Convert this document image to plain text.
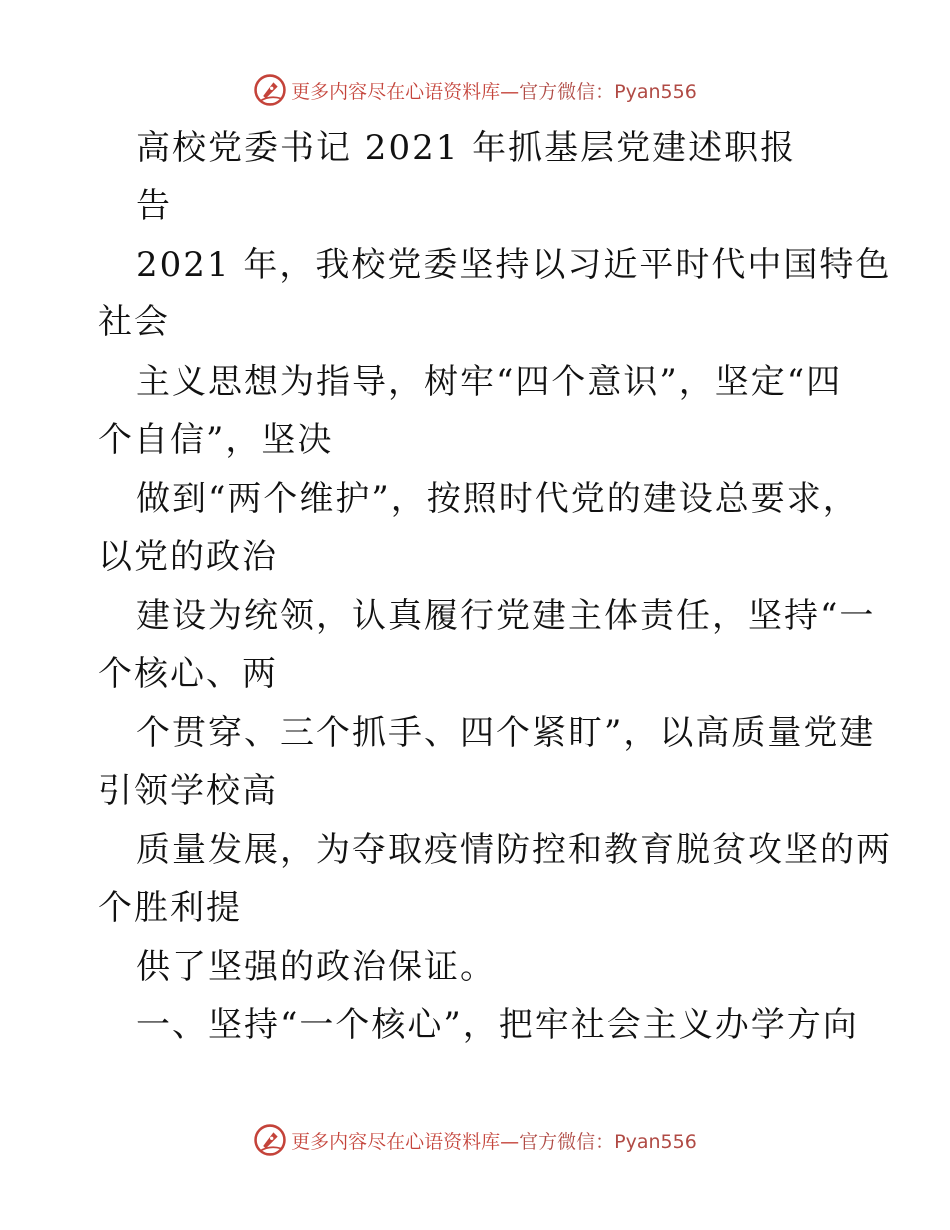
更多内容尽在心语资料库—官方微信：Pyan556
高校党委书记 2021 年抓基层党建述职报
告
2021 年，我校党委坚持以习近平时代中国特色
社会
主义思想为指导，树牢“四个意识”，坚定“四
个自信”，坚决
做到“两个维护”，按照时代党的建设总要求，
以党的政治
建设为统领，认真履行党建主体责任，坚持“一
个核心、两
个贯穿、三个抓手、四个紧盯”，以高质量党建
引领学校高
质量发展，为夺取疫情防控和教育脱贫攻坚的两
个胜利提
供了坚强的政治保证。
一、坚持“一个核心”，把牢社会主义办学方向
更多内容尽在心语资料库—官方微信：Pyan556
